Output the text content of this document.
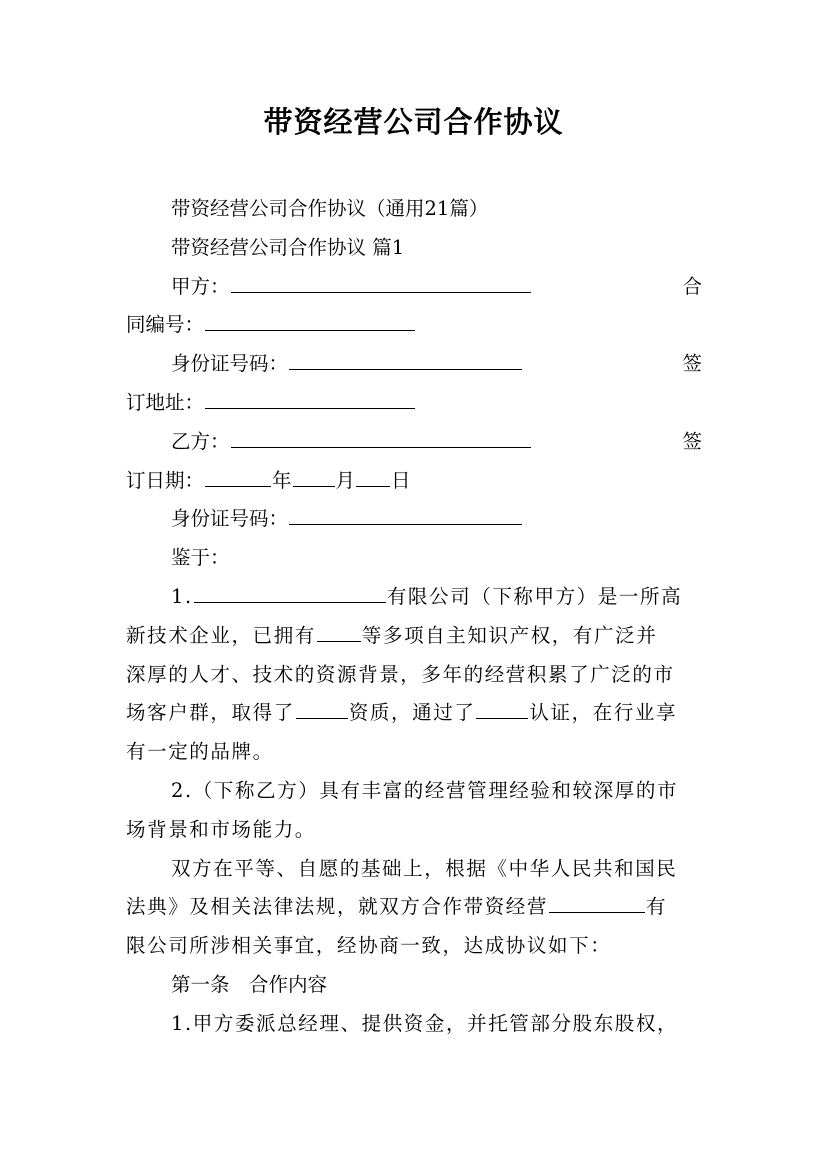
带资经营公司合作协议
带资经营公司合作协议（通用21篇）
带资经营公司合作协议 篇1
甲方：	合
同编号：
身份证号码：	签
订地址：
乙方：	签
订日期：	年 月 日
身份证号码：
鉴于：
1.	有限公司（下称甲方）是一所高
新技术企业，已拥有 等多项自主知识产权，有广泛并
深厚的人才、技术的资源背景，多年的经营积累了广泛的市
场客户群，取得了	资质，通过了	认证，在行业享
有一定的品牌。
2.（下称乙方）具有丰富的经营管理经验和较深厚的市
场背景和市场能力。
双方在平等、自愿的基础上，根据《中华人民共和国民
法典》及相关法律法规，就双方合作带资经营	有
限公司所涉相关事宜，经协商一致，达成协议如下：
第一条　合作内容
1.甲方委派总经理、提供资金，并托管部分股东股权，
